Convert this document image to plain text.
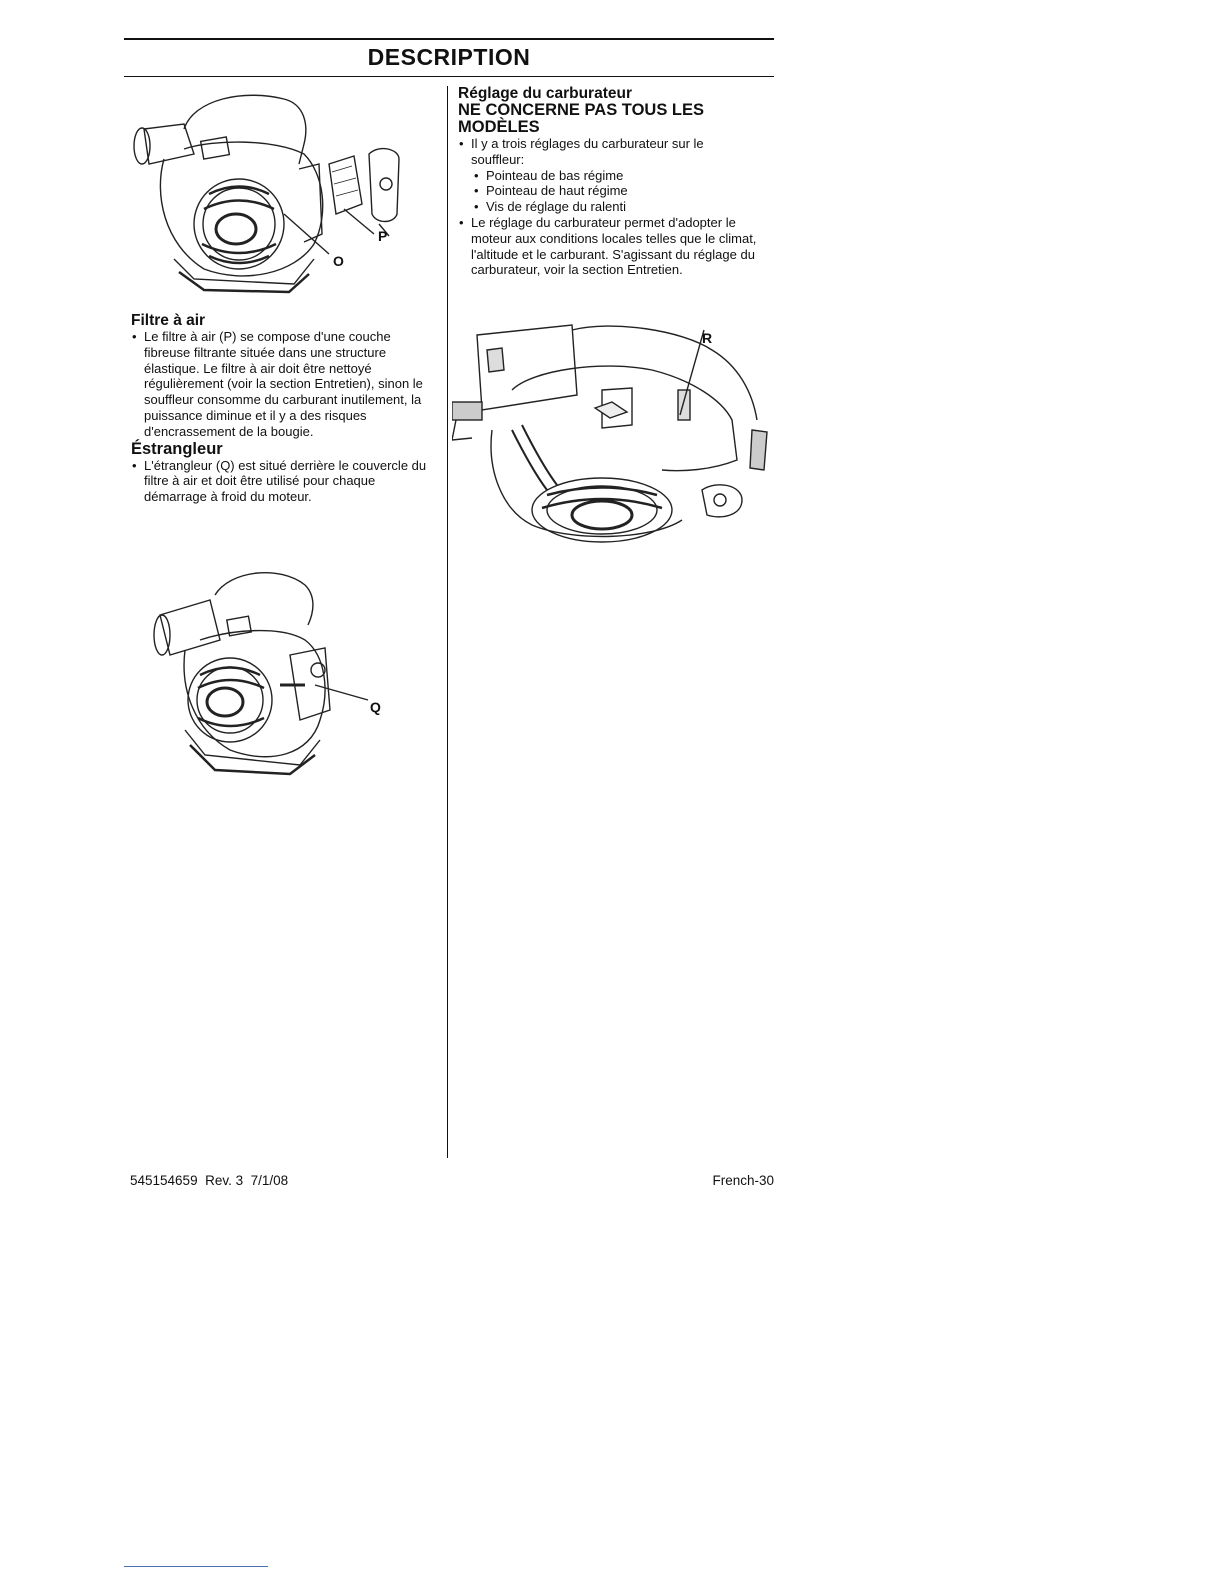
DESCRIPTION
P
O
Filtre à air
• Le filtre à air (P) se compose d'une couche fibreuse filtrante située dans une structure élastique. Le filtre à air doit être nettoyé régulièrement (voir la section Entretien), sinon le souffleur consomme du carburant inutilement, la puissance diminue et il y a des risques d'encrassement de la bougie.
Éstrangleur
• L'étrangleur (Q) est situé derrière le couvercle du filtre à air et doit être utilisé pour chaque démarrage à froid du moteur.
Q
Réglage du carburateur
NE CONCERNE PAS TOUS LES MODÈLES
• Il y a trois réglages du carburateur sur le souffleur:
• Pointeau de bas régime
• Pointeau de haut régime
• Vis de réglage du ralenti
• Le réglage du carburateur permet d'adopter le moteur aux conditions locales telles que le climat, l'altitude et le carburant. S'agissant du réglage du carburateur, voir la section Entretien.
R
545154659  Rev. 3  7/1/08	French-30
